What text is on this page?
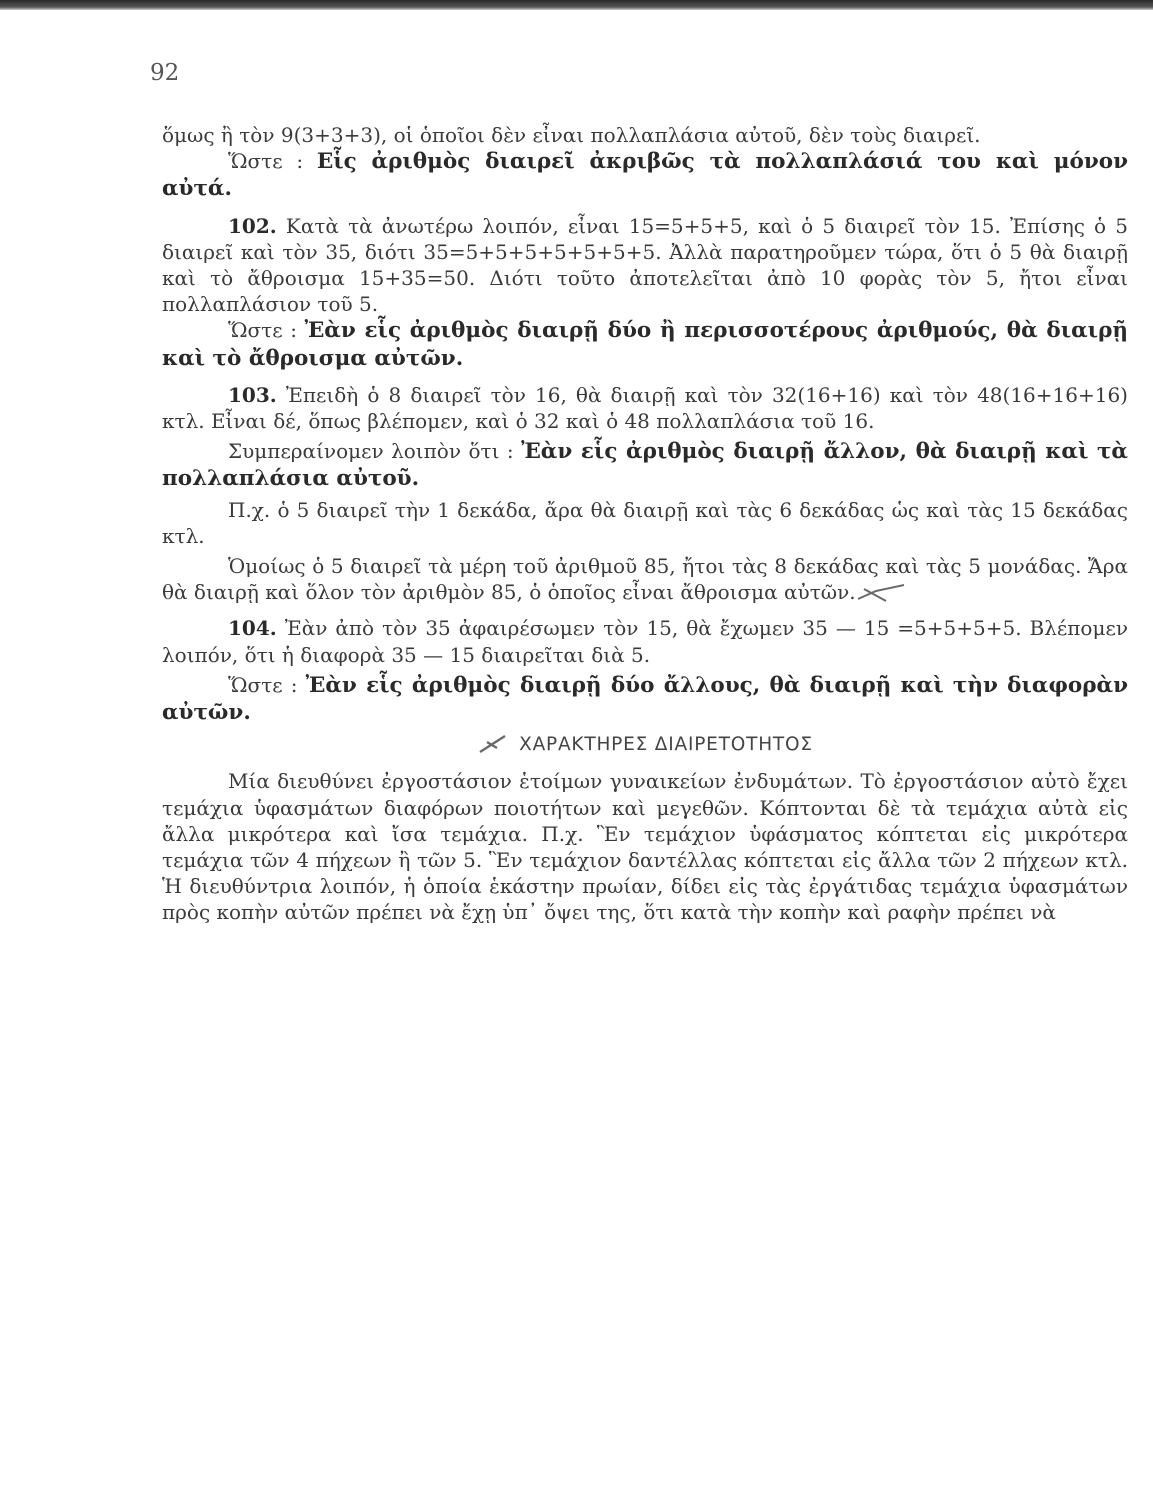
92

ὅμως ἢ τὸν 9(3+3+3), οἱ ὁποῖοι δὲν εἶναι πολλαπλάσια αὐτοῦ, δὲν τοὺς διαιρεῖ.

Ὥστε : Εἷς ἀριθμὸς διαιρεῖ ἀκριβῶς τὰ πολλαπλάσιά του καὶ μόνον αὐτά.

102. Κατὰ τὰ ἀνωτέρω λοιπόν, εἶναι 15=5+5+5, καὶ ὁ 5 διαιρεῖ τὸν 15. Ἐπίσης ὁ 5 διαιρεῖ καὶ τὸν 35, διότι 35=5+5+5+5+5+5+5. Ἀλλὰ παρατηροῦμεν τώρα, ὅτι ὁ 5 θὰ διαιρῇ καὶ τὸ ἄθροισμα 15+35=50. Διότι τοῦτο ἀποτελεῖται ἀπὸ 10 φορὰς τὸν 5, ἤτοι εἶναι πολλαπλάσιον τοῦ 5.

Ὥστε : Ἐὰν εἷς ἀριθμὸς διαιρῇ δύο ἢ περισσοτέρους ἀριθμούς, θὰ διαιρῇ καὶ τὸ ἄθροισμα αὐτῶν.

103. Ἐπειδὴ ὁ 8 διαιρεῖ τὸν 16, θὰ διαιρῇ καὶ τὸν 32(16+16) καὶ τὸν 48(16+16+16) κτλ. Εἶναι δέ, ὅπως βλέπομεν, καὶ ὁ 32 καὶ ὁ 48 πολλαπλάσια τοῦ 16.

Συμπεραίνομεν λοιπὸν ὅτι : Ἐὰν εἷς ἀριθμὸς διαιρῇ ἄλλον, θὰ διαιρῇ καὶ τὰ πολλαπλάσια αὐτοῦ.

Π.χ. ὁ 5 διαιρεῖ τὴν 1 δεκάδα, ἄρα θὰ διαιρῇ καὶ τὰς 6 δεκάδας ὡς καὶ τὰς 15 δεκάδας κτλ.

Ὁμοίως ὁ 5 διαιρεῖ τὰ μέρη τοῦ ἀριθμοῦ 85, ἤτοι τὰς 8 δεκάδας καὶ τὰς 5 μονάδας. Ἄρα θὰ διαιρῇ καὶ ὅλον τὸν ἀριθμὸν 85, ὁ ὁποῖος εἶναι ἄθροισμα αὐτῶν.

104. Ἐὰν ἀπὸ τὸν 35 ἀφαιρέσωμεν τὸν 15, θὰ ἔχωμεν 35 — 15 =5+5+5+5. Βλέπομεν λοιπόν, ὅτι ἡ διαφορὰ 35 — 15 διαιρεῖται διὰ 5.

Ὥστε : Ἐὰν εἷς ἀριθμὸς διαιρῇ δύο ἄλλους, θὰ διαιρῇ καὶ τὴν διαφορὰν αὐτῶν.

ΧΑΡΑΚΤΗΡΕΣ ΔΙΑΙΡΕΤΟΤΗΤΟΣ

Μία διευθύνει ἐργοστάσιον ἑτοίμων γυναικείων ἐνδυμάτων. Τὸ ἐργοστάσιον αὐτὸ ἔχει τεμάχια ὑφασμάτων διαφόρων ποιοτήτων καὶ μεγεθῶν. Κόπτονται δὲ τὰ τεμάχια αὐτὰ εἰς ἄλλα μικρότερα καὶ ἴσα τεμάχια. Π.χ. Ἓν τεμάχιον ὑφάσματος κόπτεται εἰς μικρότερα τεμάχια τῶν 4 πήχεων ἢ τῶν 5. Ἓν τεμάχιον δαντέλλας κόπτεται εἰς ἄλλα τῶν 2 πήχεων κτλ. Ἡ διευθύντρια λοιπόν, ἡ ὁποία ἑκάστην πρωίαν, δίδει εἰς τὰς ἐργάτιδας τεμάχια ὑφασμάτων πρὸς κοπὴν αὐτῶν πρέπει νὰ ἔχῃ ὑπ᾽ ὄψει της, ὅτι κατὰ τὴν κοπὴν καὶ ραφὴν πρέπει νὰ
